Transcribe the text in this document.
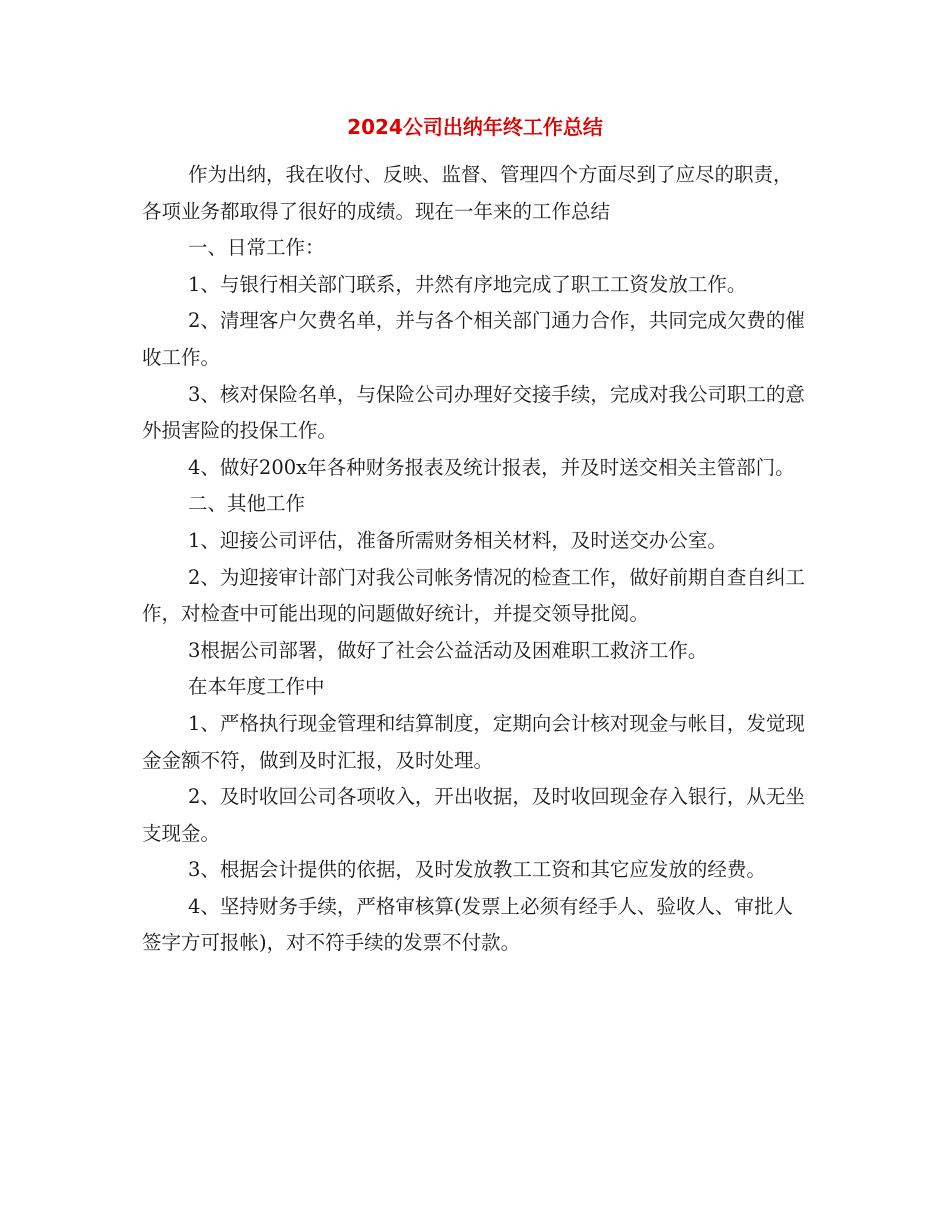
2024公司出纳年终工作总结

作为出纳，我在收付、反映、监督、管理四个方面尽到了应尽的职责，各项业务都取得了很好的成绩。现在一年来的工作总结

一、日常工作：

1、与银行相关部门联系，井然有序地完成了职工工资发放工作。

2、清理客户欠费名单，并与各个相关部门通力合作，共同完成欠费的催收工作。

3、核对保险名单，与保险公司办理好交接手续，完成对我公司职工的意外损害险的投保工作。

4、做好200x年各种财务报表及统计报表，并及时送交相关主管部门。

二、其他工作

1、迎接公司评估，准备所需财务相关材料，及时送交办公室。

2、为迎接审计部门对我公司帐务情况的检查工作，做好前期自查自纠工作，对检查中可能出现的问题做好统计，并提交领导批阅。

3根据公司部署，做好了社会公益活动及困难职工救济工作。

在本年度工作中

1、严格执行现金管理和结算制度，定期向会计核对现金与帐目，发觉现金金额不符，做到及时汇报，及时处理。

2、及时收回公司各项收入，开出收据，及时收回现金存入银行，从无坐支现金。

3、根据会计提供的依据，及时发放教工工资和其它应发放的经费。

4、坚持财务手续，严格审核算(发票上必须有经手人、验收人、审批人签字方可报帐)，对不符手续的发票不付款。
